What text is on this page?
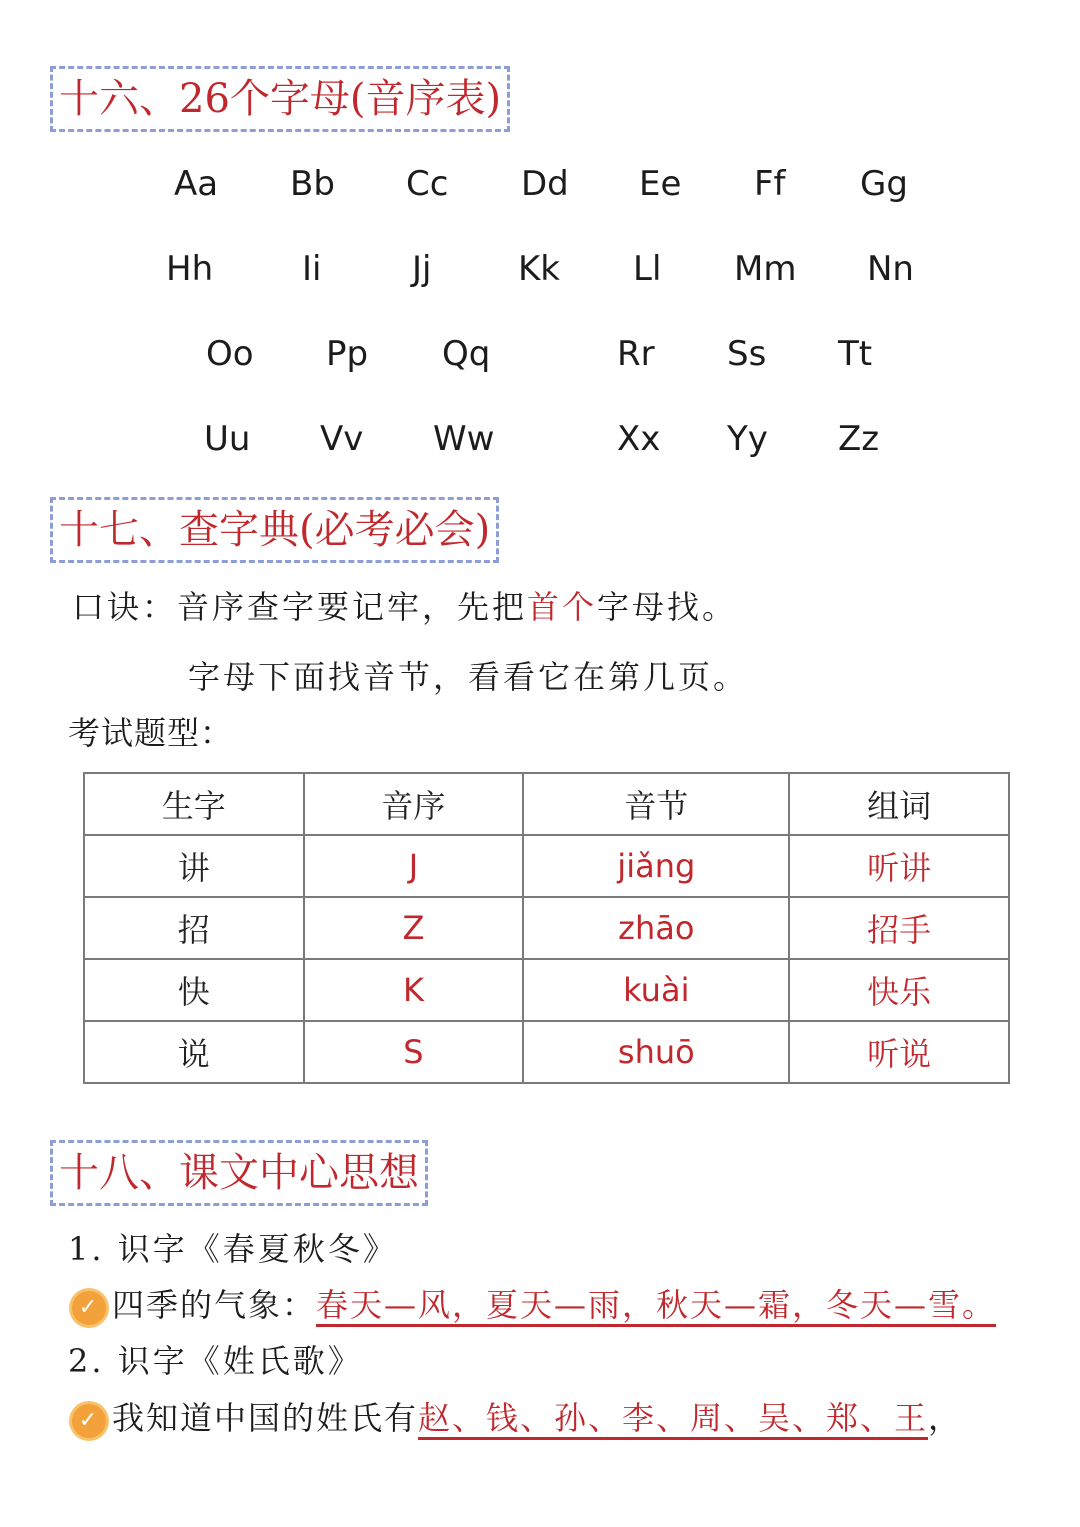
十六、26个字母(音序表)
Aa Bb Cc Dd Ee Ff Gg
Hh	Ii	Jj	Kk Ll Mm Nn
Oo Pp Qq	Rr Ss Tt
Uu Vv Ww	Xx Yy Zz
十七、查字典(必考必会)
口诀：音序查字要记牢，先把首个字母找。
字母下面找音节，看看它在第几页。
考试题型：
生字	音序	音节	组词
讲	J	jiǎng	听讲
招	Z	zhāo	招手
快	K	kuài	快乐
说	S	shuō	听说
十八、课文中心思想
1. 识字《春夏秋冬》
✓ 四季的气象：春天—风，夏天—雨，秋天—霜，冬天—雪。
2. 识字《姓氏歌》
✓ 我知道中国的姓氏有赵、钱、孙、李、周、吴、郑、王，
